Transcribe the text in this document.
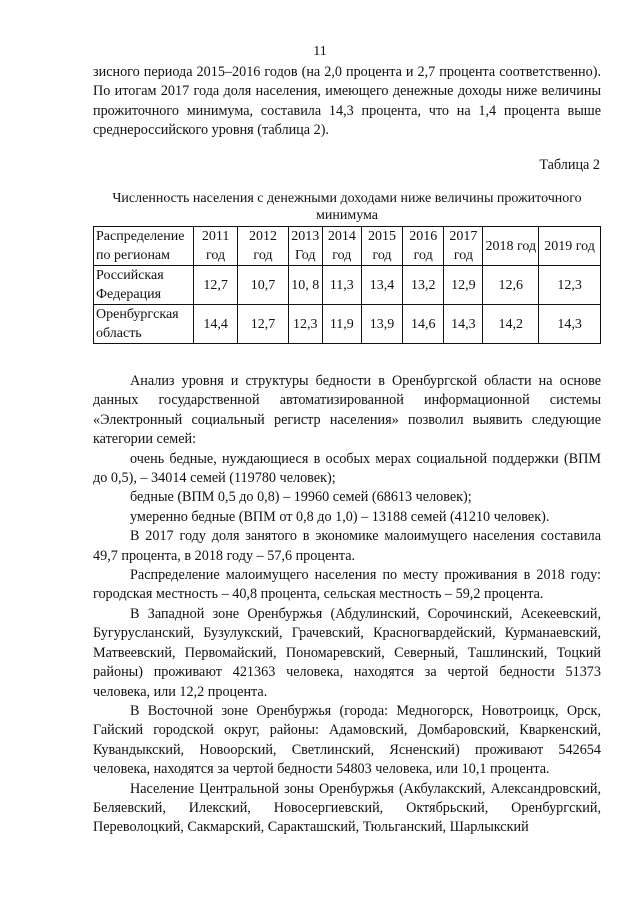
11

зисного периода 2015–2016 годов (на 2,0 процента и 2,7 процента соответственно). По итогам 2017 года доля населения, имеющего денежные доходы ниже величины прожиточного минимума, составила 14,3 процента, что на 1,4 процента выше среднероссийского уровня (таблица 2).

Таблица 2
Численность населения с денежными доходами ниже величины прожиточного минимума
Распределение по регионам	2011 год	2012 год	2013 Год	2014 год	2015 год	2016 год	2017 год	2018 год	2019 год
Российская Федерация	12,7	10,7	10, 8	11,3	13,4	13,2	12,9	12,6	12,3
Оренбургская область	14,4	12,7	12,3	11,9	13,9	14,6	14,3	14,2	14,3

Анализ уровня и структуры бедности в Оренбургской области на основе данных государственной автоматизированной информационной системы «Электронный социальный регистр населения» позволил выявить следующие категории семей:

очень бедные, нуждающиеся в особых мерах социальной поддержки (ВПМ до 0,5), – 34014 семей (119780 человек);

бедные (ВПМ 0,5 до 0,8) – 19960 семей (68613 человек);

умеренно бедные (ВПМ от 0,8 до 1,0) – 13188 семей (41210 человек).

В 2017 году доля занятого в экономике малоимущего населения составила 49,7 процента, в 2018 году – 57,6 процента.

Распределение малоимущего населения по месту проживания в 2018 году: городская местность – 40,8 процента, сельская местность – 59,2 процента.

В Западной зоне Оренбуржья (Абдулинский, Сорочинский, Асекеевский, Бугурусланский, Бузулукский, Грачевский, Красногвардейский, Курманаевский, Матвеевский, Первомайский, Пономаревский, Северный, Ташлинский, Тоцкий районы) проживают 421363 человека, находятся за чертой бедности 51373 человека, или 12,2 процента.

В Восточной зоне Оренбуржья (города: Медногорск, Новотроицк, Орск, Гайский городской округ, районы: Адамовский, Домбаровский, Кваркенский, Кувандыкский, Новоорский, Светлинский, Ясненский) проживают 542654 человека, находятся за чертой бедности 54803 человека, или 10,1 процента.

Население Центральной зоны Оренбуржья (Акбулакский, Александровский, Беляевский, Илекский, Новосергиевский, Октябрьский, Оренбургский, Переволоцкий, Сакмарский, Саракташский, Тюльганский, Шарлыкский
